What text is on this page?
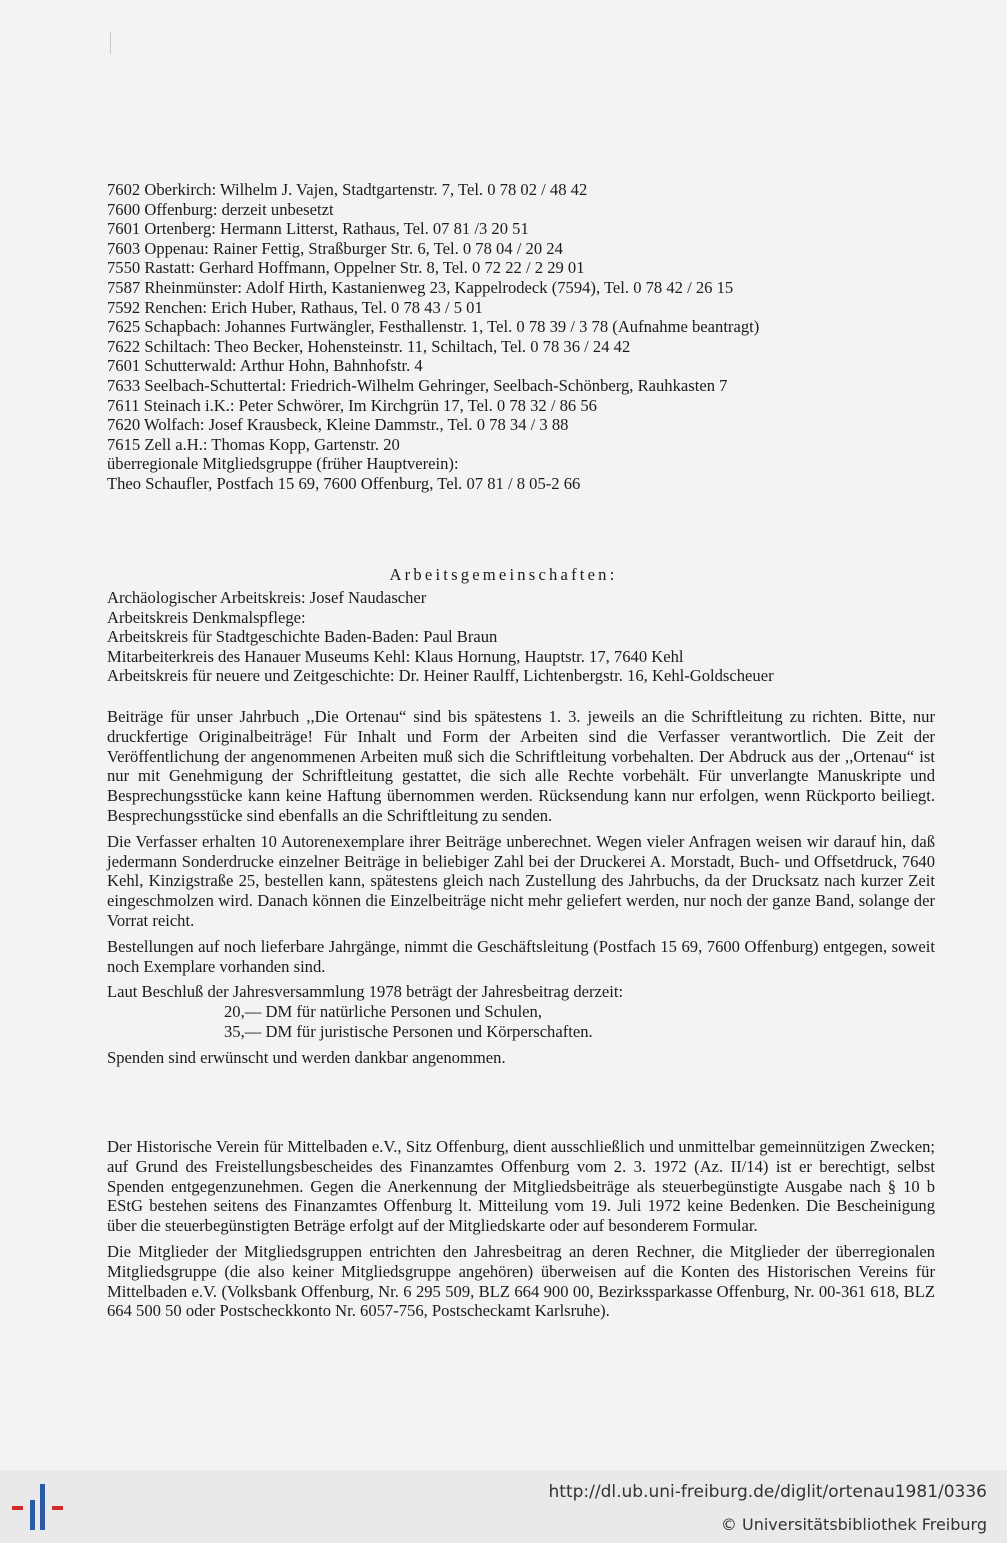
7602 Oberkirch: Wilhelm J. Vajen, Stadtgartenstr. 7, Tel. 0 78 02 / 48 42
7600 Offenburg: derzeit unbesetzt
7601 Ortenberg: Hermann Litterst, Rathaus, Tel. 07 81 /3 20 51
7603 Oppenau: Rainer Fettig, Straßburger Str. 6, Tel. 0 78 04 / 20 24
7550 Rastatt: Gerhard Hoffmann, Oppelner Str. 8, Tel. 0 72 22 / 2 29 01
7587 Rheinmünster: Adolf Hirth, Kastanienweg 23, Kappelrodeck (7594), Tel. 0 78 42 / 26 15
7592 Renchen: Erich Huber, Rathaus, Tel. 0 78 43 / 5 01
7625 Schapbach: Johannes Furtwängler, Festhallenstr. 1, Tel. 0 78 39 / 3 78 (Aufnahme beantragt)
7622 Schiltach: Theo Becker, Hohensteinstr. 11, Schiltach, Tel. 0 78 36 / 24 42
7601 Schutterwald: Arthur Hohn, Bahnhofstr. 4
7633 Seelbach-Schuttertal: Friedrich-Wilhelm Gehringer, Seelbach-Schönberg, Rauhkasten 7
7611 Steinach i.K.: Peter Schwörer, Im Kirchgrün 17, Tel. 0 78 32 / 86 56
7620 Wolfach: Josef Krausbeck, Kleine Dammstr., Tel. 0 78 34 / 3 88
7615 Zell a.H.: Thomas Kopp, Gartenstr. 20
überregionale Mitgliedsgruppe (früher Hauptverein):
Theo Schaufler, Postfach 15 69, 7600 Offenburg, Tel. 07 81 / 8 05-2 66
Arbeitsgemeinschaften:
Archäologischer Arbeitskreis: Josef Naudascher
Arbeitskreis Denkmalspflege:
Arbeitskreis für Stadtgeschichte Baden-Baden: Paul Braun
Mitarbeiterkreis des Hanauer Museums Kehl: Klaus Hornung, Hauptstr. 17, 7640 Kehl
Arbeitskreis für neuere und Zeitgeschichte: Dr. Heiner Raulff, Lichtenbergstr. 16, Kehl-Goldscheuer

Beiträge für unser Jahrbuch ,,Die Ortenau“ sind bis spätestens 1. 3. jeweils an die Schriftleitung zu richten. Bitte, nur druckfertige Originalbeiträge! Für Inhalt und Form der Arbeiten sind die Verfasser verantwortlich. Die Zeit der Veröffentlichung der angenommenen Arbeiten muß sich die Schriftleitung vorbehalten. Der Abdruck aus der ,,Ortenau“ ist nur mit Genehmigung der Schriftleitung gestattet, die sich alle Rechte vorbehält. Für unverlangte Manuskripte und Besprechungsstücke kann keine Haftung übernommen werden. Rücksendung kann nur erfolgen, wenn Rückporto beiliegt. Besprechungsstücke sind ebenfalls an die Schriftleitung zu senden.

Die Verfasser erhalten 10 Autorenexemplare ihrer Beiträge unberechnet. Wegen vieler Anfragen weisen wir darauf hin, daß jedermann Sonderdrucke einzelner Beiträge in beliebiger Zahl bei der Druckerei A. Morstadt, Buch- und Offsetdruck, 7640 Kehl, Kinzigstraße 25, bestellen kann, spätestens gleich nach Zustellung des Jahrbuchs, da der Drucksatz nach kurzer Zeit eingeschmolzen wird. Danach können die Einzelbeiträge nicht mehr geliefert werden, nur noch der ganze Band, solange der Vorrat reicht.

Bestellungen auf noch lieferbare Jahrgänge, nimmt die Geschäftsleitung (Postfach 15 69, 7600 Offenburg) entgegen, soweit noch Exemplare vorhanden sind.

Laut Beschluß der Jahresversammlung 1978 beträgt der Jahresbeitrag derzeit:

20,— DM für natürliche Personen und Schulen,
35,— DM für juristische Personen und Körperschaften.

Spenden sind erwünscht und werden dankbar angenommen.

Der Historische Verein für Mittelbaden e.V., Sitz Offenburg, dient ausschließlich und unmittelbar gemeinnützigen Zwecken; auf Grund des Freistellungsbescheides des Finanzamtes Offenburg vom 2. 3. 1972 (Az. II/14) ist er berechtigt, selbst Spenden entgegenzunehmen. Gegen die Anerkennung der Mitgliedsbeiträge als steuerbegünstigte Ausgabe nach § 10 b EStG bestehen seitens des Finanzamtes Offenburg lt. Mitteilung vom 19. Juli 1972 keine Bedenken. Die Bescheinigung über die steuerbegünstigten Beträge erfolgt auf der Mitgliedskarte oder auf besonderem Formular.

Die Mitglieder der Mitgliedsgruppen entrichten den Jahresbeitrag an deren Rechner, die Mitglieder der überregionalen Mitgliedsgruppe (die also keiner Mitgliedsgruppe angehören) überweisen auf die Konten des Historischen Vereins für Mittelbaden e.V. (Volksbank Offenburg, Nr. 6 295 509, BLZ 664 900 00, Bezirkssparkasse Offenburg, Nr. 00-361 618, BLZ 664 500 50 oder Postscheckkonto Nr. 6057-756, Postscheckamt Karlsruhe).

http://dl.ub.uni-freiburg.de/diglit/ortenau1981/0336
© Universitätsbibliothek Freiburg
